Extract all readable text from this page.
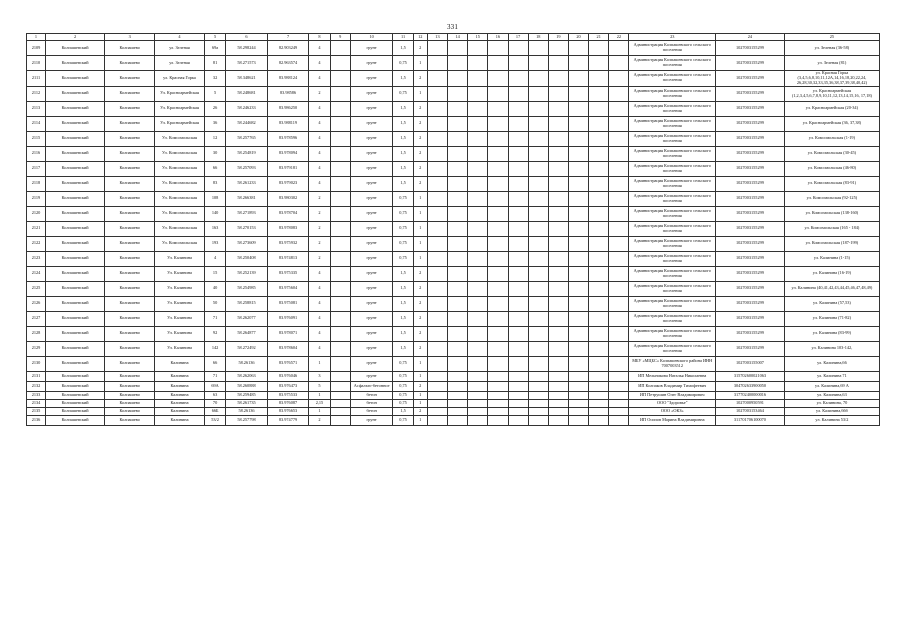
331
1	2	3	4	5	6	7	8	9	10	11	12	13	14	15	16	17	18	19	20	21	22	23	24	25
2109	Колпашевский	Колпашево	ул. Зеленая	69а	58.298244	82.903249	4		грунт	1,5	2											Администрация Колпашевского сельского поселения	1027003155299	ул. Зеленая (36-58)
2110	Колпашевский	Колпашево	ул. Зеленая	81	58.271573	82.963574	4		грунт	0,75	1											Администрация Колпашевского сельского поселения	1027003155299	ул. Зеленая (81)
2111	Колпашевский	Колпашево	ул. Красная Горка	32	58.348621	83.988124	4		грунт	1,5	2											Администрация Колпашевского сельского поселения	1027003155299	ул. Красная Горка (3,4,5,6,8,10,11,12А,14,16,18,20,22,24, 26,28,30,32,33,35,36,38,37,39,38,40,42)
2112	Колпашевский	Колпашево	Ул. Красноармейская	5	58.248681	83.98586	2		грунт	0,75	1											Администрация Колпашевского сельского поселения	1027003155299	ул. Красноармейская (1,2,3,4,5,6,7,8,9,10,11,12,13,14,15,16, 17,18)
2113	Колпашевский	Колпашево	Ул. Красноармейская	26	58.246233	83.986250	4		грунт	1,5	2											Администрация Колпашевского сельского поселения	1027003155299	ул. Красноармейская (20-34)
2114	Колпашевский	Колпашево	Ул. Красноармейская	36	58.244682	83.988119	4		грунт	1,5	2											Администрация Колпашевского сельского поселения	1027003155299	ул. Красноармейская (36, 37,38)
2115	Колпашевский	Колпашево	Ул. Комсомольская	12	58.257765	83.978596	4		грунт	1,5	2											Администрация Колпашевского сельского поселения	1027003155299	ул. Комсомольская (1-19)
2116	Колпашевский	Колпашево	Ул. Комсомольская	30	58.254819	83.978094	4		грунт	1,5	2											Администрация Колпашевского сельского поселения	1027003155299	ул. Комсомольская (30-45)
2117	Колпашевский	Колпашево	Ул. Комсомольская	66	58.257093	83.979181	4		грунт	1,5	2											Администрация Колпашевского сельского поселения	1027003155299	ул. Комсомольская (46-80)
2118	Колпашевский	Колпашево	Ул. Комсомольская	83	58.261233	83.979023	4		грунт	1,5	2											Администрация Колпашевского сельского поселения	1027003155299	ул. Комсомольская (83-91)
2119	Колпашевский	Колпашево	Ул. Комсомольская	108	58.266381	83.980302	2		грунт	0,75	1											Администрация Колпашевского сельского поселения	1027003155299	ул. Комсомольская (92-125)
2120	Колпашевский	Колпашево	Ул. Комсомольская	140	58.271893	83.978704	2		грунт	0,75	1											Администрация Колпашевского сельского поселения	1027003155299	ул. Комсомольская (138-160)
2121	Колпашевский	Колпашево	Ул. Комсомольская	163	58.270153	83.978083	2		грунт	0,75	1											Администрация Колпашевского сельского поселения	1027003155299	ул. Комсомольская (165 - 184)
2122	Колпашевский	Колпашево	Ул. Комсомольская	193	58.273609	83.975932	2		грунт	0,75	1											Администрация Колпашевского сельского поселения	1027003155299	ул. Комсомольская (187-199)
2123	Колпашевский	Колпашево	Ул. Калинина	4	58.250408	83.974813	2		грунт	0,75	1											Администрация Колпашевского сельского поселения	1027003155299	ул. Калинина (1-15)
2124	Колпашевский	Колпашево	Ул. Калинина	15	58.252139	83.975335	4		грунт	1,5	2											Администрация Колпашевского сельского поселения	1027003155299	ул. Калинина (16-19)
2125	Колпашевский	Колпашево	Ул. Калинина	40	58.254985	83.975604	4		грунт	1,5	2											Администрация Колпашевского сельского поселения	1027003155299	ул. Калинина (40,41,42,43,44,45,46,47,48,49)
2126	Колпашевский	Колпашево	Ул. Калинина	50	58.258815	83.975081	4		грунт	1,5	2											Администрация Колпашевского сельского поселения	1027003155299	ул. Калинина (57,53)
2127	Колпашевский	Колпашево	Ул. Калинина	71	58.262077	83.976091	4		грунт	1,5	2											Администрация Колпашевского сельского поселения	1027003155299	ул. Калинина (71-82)
2128	Колпашевский	Колпашево	Ул. Калинина	92	58.264877	83.978071	4		грунт	1,5	2											Администрация Колпашевского сельского поселения	1027003155299	ул. Калинина (83-99)
2129	Колпашевский	Колпашево	Ул. Калинина	142	58.272492	83.978604	4		грунт	1,5	2											Администрация Колпашевского сельского поселения	1027003155299	ул. Калинина 103-142,
2130	Колпашевский	Колпашево	Калинина	66	58.26136	83.976571	1		грунт	0,75	1											МБУ «МЦБС» Колпашевского района ИНН 7007003512	1027003155007	ул. Калинина,66
2131	Колпашевский	Колпашево	Калинина	71	58.262063	83.976046	3		грунт	0,75	1											ИП Мельникова Наталья Николаевна	315702600021063	ул. Калинина 71
2132	Колпашевский	Колпашево	Калинина	69А	58.260888	83.976473	5		Асфальто-бетонное	0,75	2											ИП Колпаков Владимир Тимофеевич	304702633900050	ул. Калинина,69 А
2133	Колпашевский	Колпашево	Калинина	63	58.259485	83.975533	1		бетон	0,75	1											ИП Петрушин Олег Владимирович	317702400000016	ул. Калинина,63
2134	Колпашевский	Колпашево	Калинина	70	58.261735	83.976087	2,15		бетон	0,75	1											ООО "Здоровье"	1027000950591	ул. Калинина, 70
2135	Колпашевский	Колпашево	Калинина	66Б	58.26136	83.976653	1		бетон	1,5	2											ООО «ОКЗ»	1027003153464	ул. Калинина,66б
2136	Колпашевский	Колпашево	Калинина	53/2	58.257798	83.974779	2		грунт	0,75	1											ИП Осипов Марина Владимировна	311701706100070	ул. Калинина 53/2
